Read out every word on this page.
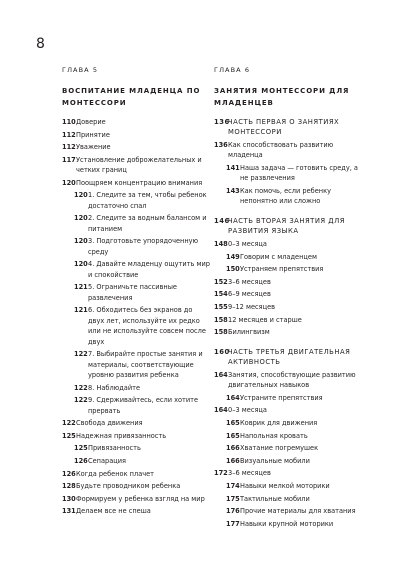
8
ГЛАВА 5
ВОСПИТАНИЕ МЛАДЕНЦА ПО МОНТЕССОРИ
110 Доверие
112 Принятие
112 Уважение
117 Установление доброжелательных и четких границ
120 Поощряем концентрацию внимания
120 1. Следите за тем, чтобы ребенок достаточно спал
120 2. Следите за водным балансом и питанием
120 3. Подготовьте упорядоченную среду
120 4. Давайте младенцу ощутить мир и спокойствие
121 5. Ограничьте пассивные развлечения
121 6. Обходитесь без экранов до двух лет, используйте их редко или не используйте совсем после двух
122 7. Выбирайте простые занятия и материалы, соответствующие уровню развития ребенка
122 8. Наблюдайте
122 9. Сдерживайтесь, если хотите прервать
122 Свобода движения
125 Надежная привязанность
125 Привязанность
126 Сепарация
126 Когда ребенок плачет
128 Будьте проводником ребенка
130 Формируем у ребенка взгляд на мир
131 Делаем все не спеша
ГЛАВА 6
ЗАНЯТИЯ МОНТЕССОРИ ДЛЯ МЛАДЕНЦЕВ
136
ЧАСТЬ ПЕРВАЯ О ЗАНЯТИЯХ МОНТЕССОРИ
136 Как способствовать развитию младенца
141 Наша задача — готовить среду, а не развлечения
143 Как помочь, если ребенку непонятно или сложно
146
ЧАСТЬ ВТОРАЯ ЗАНЯТИЯ ДЛЯ РАЗВИТИЯ ЯЗЫКА
148 0–3 месяца
149 Говорим с младенцем
150 Устраняем препятствия
152 3–6 месяцев
154 6–9 месяцев
155 9–12 месяцев
158 12 месяцев и старше
158 Билингвизм
160
ЧАСТЬ ТРЕТЬЯ ДВИГАТЕЛЬНАЯ АКТИВНОСТЬ
164 Занятия, способствующие развитию двигательных навыков
164 Устраните препятствия
164 0–3 месяца
165 Коврик для движения
165 Напольная кровать
166 Хватание погремушек
166 Визуальные мобили
172 3–6 месяцев
174 Навыки мелкой моторики
175 Тактильные мобили
176 Прочие материалы для хватания
177 Навыки крупной моторики
